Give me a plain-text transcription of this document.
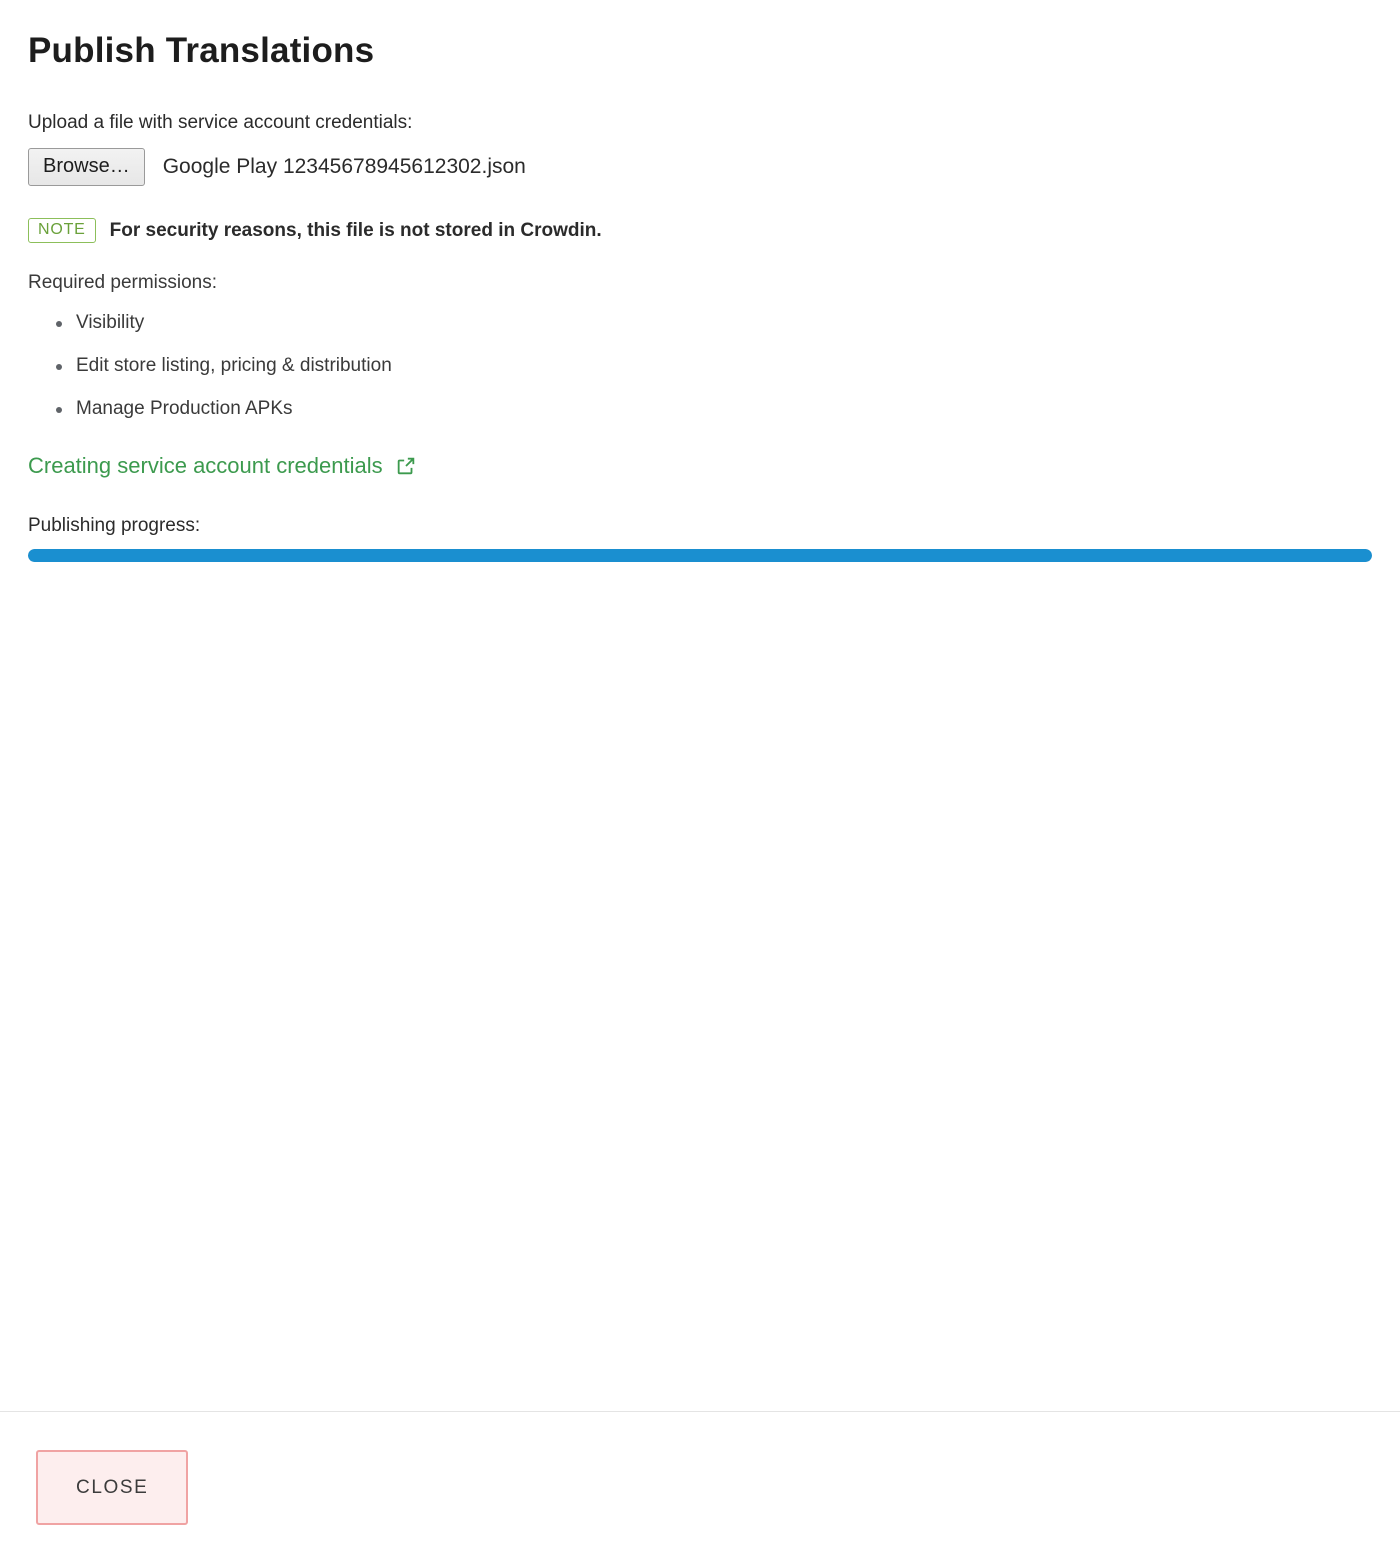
Publish Translations
Upload a file with service account credentials:
Browse…	Google Play 12345678945612302.json
NOTE	For security reasons, this file is not stored in Crowdin.
Required permissions:
Visibility
Edit store listing, pricing & distribution
Manage Production APKs
Creating service account credentials
Publishing progress:
CLOSE
